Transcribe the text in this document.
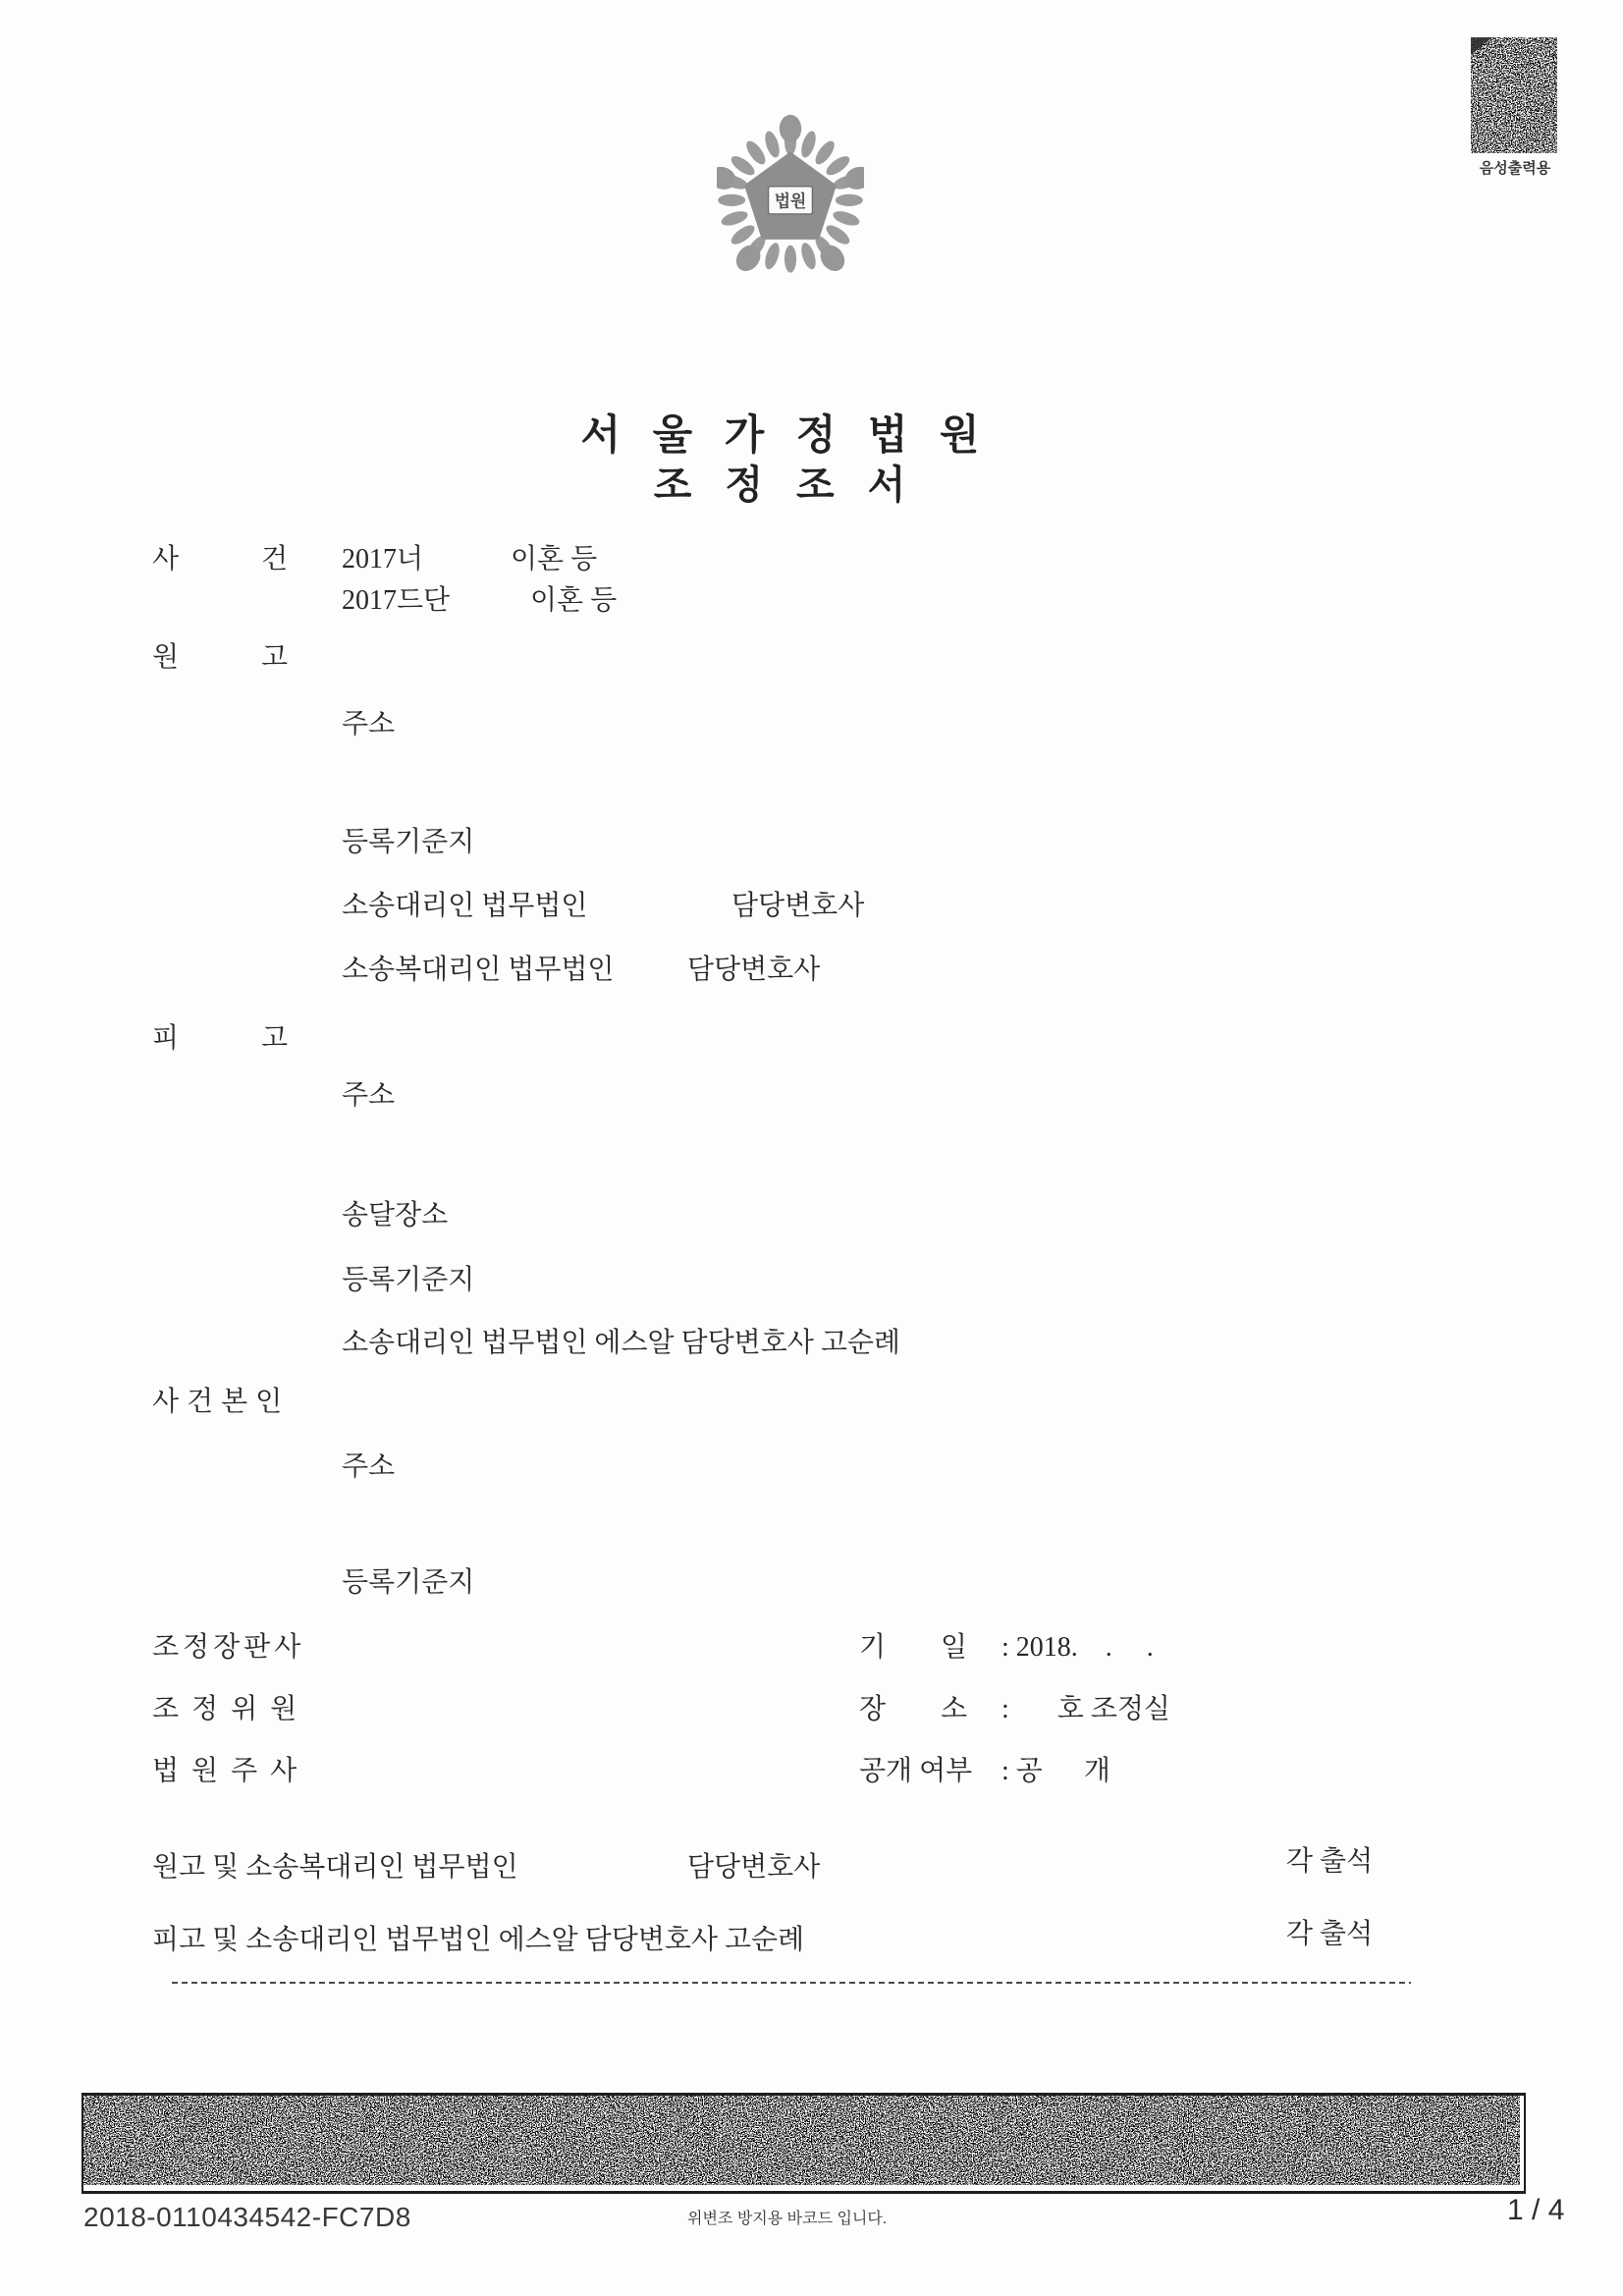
음성출력용
법원
서 울 가 정 법 원
조 정 조 서
사　　　건 2017너	이혼 등
2017드단	이혼 등
원　　　고
주소
등록기준지
소송대리인 법무법인	담당변호사
소송복대리인 법무법인	담당변호사
피　　　고
주소
송달장소
등록기준지
소송대리인 법무법인 에스알 담당변호사 고순례
사건본인
주소
등록기준지
조정장판사	기　　일 : 2018.    .     .
조정위원	장　　소 :       호 조정실
법원주사	공개 여부 : 공      개
원고 및 소송복대리인 법무법인	담당변호사	각 출석
피고 및 소송대리인 법무법인 에스알 담당변호사 고순례	각 출석
2018-0110434542-FC7D8	위변조 방지용 바코드 입니다.	1 / 4
